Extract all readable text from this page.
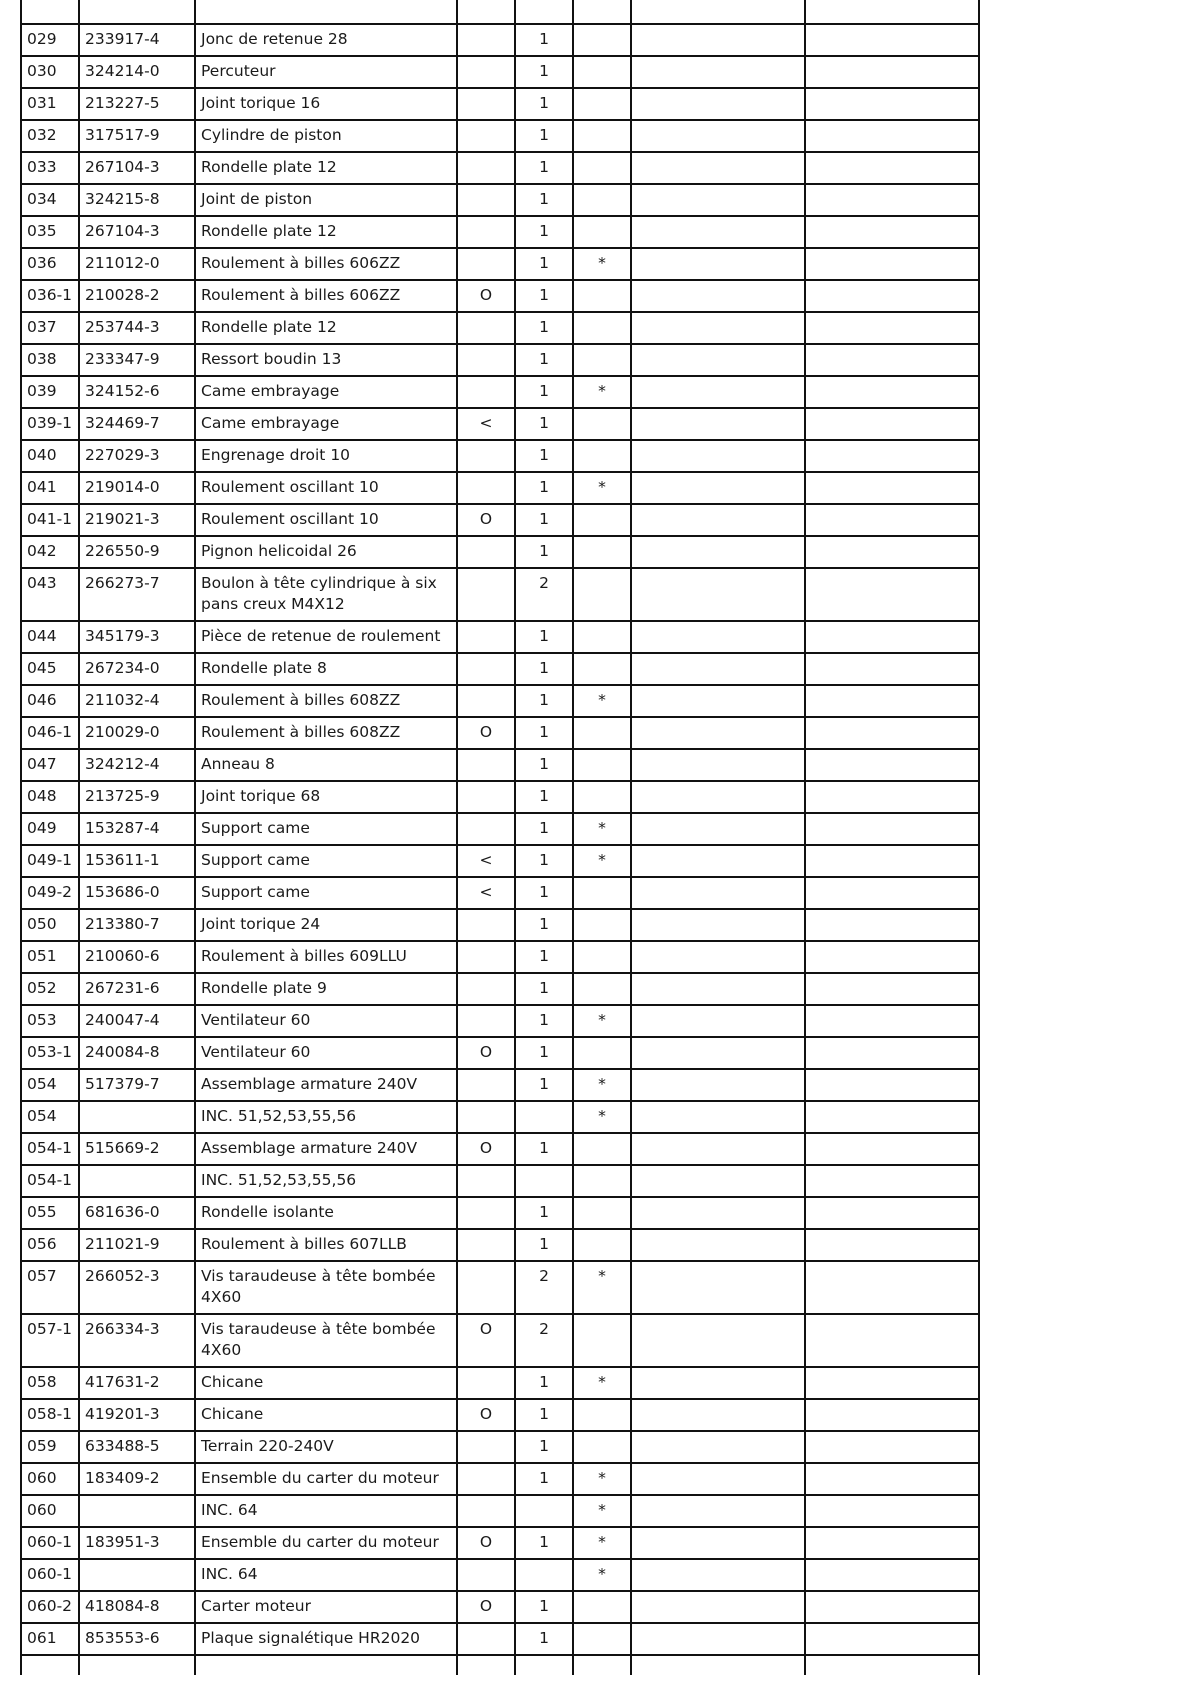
029	233917-4	Jonc de retenue 28		1			
030	324214-0	Percuteur		1			
031	213227-5	Joint torique 16		1			
032	317517-9	Cylindre de piston		1			
033	267104-3	Rondelle plate 12		1			
034	324215-8	Joint de piston		1			
035	267104-3	Rondelle plate 12		1			
036	211012-0	Roulement à billes 606ZZ		1	*		
036-1	210028-2	Roulement à billes 606ZZ	O	1			
037	253744-3	Rondelle plate 12		1			
038	233347-9	Ressort boudin 13		1			
039	324152-6	Came embrayage		1	*		
039-1	324469-7	Came embrayage	<	1			
040	227029-3	Engrenage droit 10		1			
041	219014-0	Roulement oscillant 10		1	*		
041-1	219021-3	Roulement oscillant 10	O	1			
042	226550-9	Pignon helicoidal 26		1			
043	266273-7	Boulon à tête cylindrique à six pans creux M4X12		2			
044	345179-3	Pièce de retenue de roulement		1			
045	267234-0	Rondelle plate 8		1			
046	211032-4	Roulement à billes 608ZZ		1	*		
046-1	210029-0	Roulement à billes 608ZZ	O	1			
047	324212-4	Anneau 8		1			
048	213725-9	Joint torique 68		1			
049	153287-4	Support came		1	*		
049-1	153611-1	Support came	<	1	*		
049-2	153686-0	Support came	<	1			
050	213380-7	Joint torique 24		1			
051	210060-6	Roulement à billes 609LLU		1			
052	267231-6	Rondelle plate 9		1			
053	240047-4	Ventilateur 60		1	*		
053-1	240084-8	Ventilateur 60	O	1			
054	517379-7	Assemblage armature 240V		1	*		
054		INC. 51,52,53,55,56			*		
054-1	515669-2	Assemblage armature 240V	O	1			
054-1		INC. 51,52,53,55,56					
055	681636-0	Rondelle isolante		1			
056	211021-9	Roulement à billes 607LLB		1			
057	266052-3	Vis taraudeuse à tête bombée 4X60		2	*		
057-1	266334-3	Vis taraudeuse à tête bombée 4X60	O	2			
058	417631-2	Chicane		1	*		
058-1	419201-3	Chicane	O	1			
059	633488-5	Terrain 220-240V		1			
060	183409-2	Ensemble du carter du moteur		1	*		
060		INC. 64			*		
060-1	183951-3	Ensemble du carter du moteur	O	1	*		
060-1		INC. 64			*		
060-2	418084-8	Carter moteur	O	1			
061	853553-6	Plaque signalétique HR2020		1			
